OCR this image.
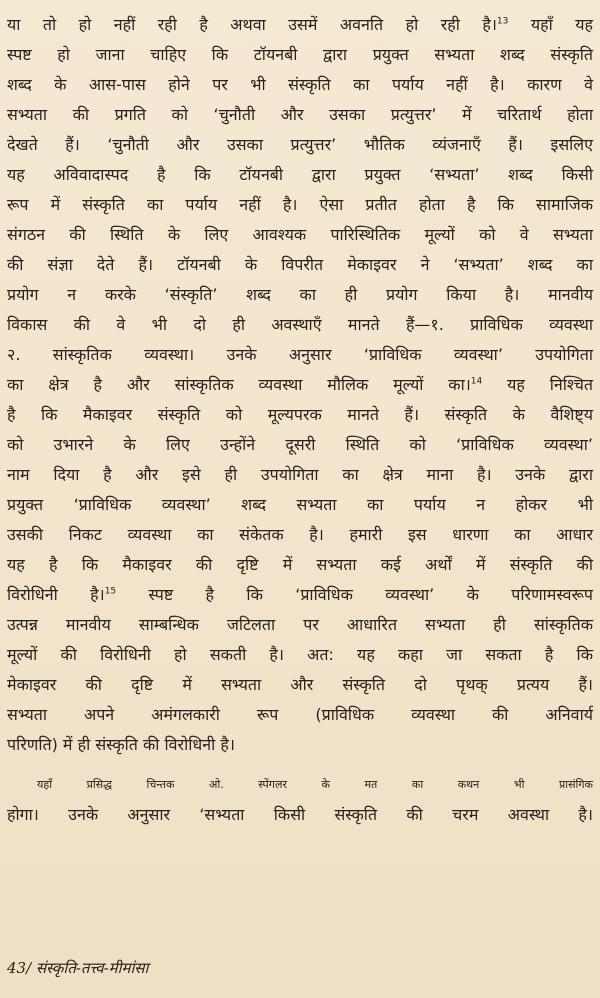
या तो हो नहीं रही है अथवा उसमें अवनति हो रही है।$^{13}$ यहाँ यह
स्पष्ट हो जाना चाहिए कि टॉयनबी द्वारा प्रयुक्त सभ्यता शब्द संस्कृति
शब्द के आस-पास होने पर भी संस्कृति का पर्याय नहीं है। कारण वे
सभ्यता की प्रगति को ‘चुनौती और उसका प्रत्युत्तर’ में चरितार्थ होता
देखते हैं। ‘चुनौती और उसका प्रत्युत्तर’ भौतिक व्यंजनाएँ हैं। इसलिए
यह अविवादास्पद है कि टॉयनबी द्वारा प्रयुक्त ‘सभ्यता’ शब्द किसी
रूप में संस्कृति का पर्याय नहीं है। ऐसा प्रतीत होता है कि सामाजिक
संगठन की स्थिति के लिए आवश्यक पारिस्थितिक मूल्यों को वे सभ्यता
की संज्ञा देते हैं। टॉयनबी के विपरीत मेकाइवर ने ‘सभ्यता’ शब्द का
प्रयोग न करके ‘संस्कृति’ शब्द का ही प्रयोग किया है। मानवीय
विकास की वे भी दो ही अवस्थाएँ मानते हैं—१. प्राविधिक व्यवस्था
२. सांस्कृतिक व्यवस्था। उनके अनुसार ‘प्राविधिक व्यवस्था’ उपयोगिता
का क्षेत्र है और सांस्कृतिक व्यवस्था मौलिक मूल्यों का।$^{14}$ यह निश्चित
है कि मैकाइवर संस्कृति को मूल्यपरक मानते हैं। संस्कृति के वैशिष्ट्य
को उभारने के लिए उन्होंने दूसरी स्थिति को ‘प्राविधिक व्यवस्था’
नाम दिया है और इसे ही उपयोगिता का क्षेत्र माना है। उनके द्वारा
प्रयुक्त ‘प्राविधिक व्यवस्था’ शब्द सभ्यता का पर्याय न होकर भी
उसकी निकट व्यवस्था का संकेतक है। हमारी इस धारणा का आधार
यह है कि मैकाइवर की दृष्टि में सभ्यता कई अर्थों में संस्कृति की
विरोधिनी है।$^{15}$ स्पष्ट है कि ‘प्राविधिक व्यवस्था’ के परिणामस्वरूप
उत्पन्न मानवीय साम्बन्धिक जटिलता पर आधारित सभ्यता ही सांस्कृतिक
मूल्यों की विरोधिनी हो सकती है। अत: यह कहा जा सकता है कि
मेकाइवर की दृष्टि में सभ्यता और संस्कृति दो पृथक् प्रत्यय हैं।
सभ्यता अपने अमंगलकारी रूप (प्राविधिक व्यवस्था की अनिवार्य
परिणति) में ही संस्कृति की विरोधिनी है।
यहाँ प्रसिद्ध चिन्तक ओ. स्पेंगलर के मत का कथन भी प्रासंगिक
होगा। उनके अनुसार ‘सभ्यता किसी संस्कृति की चरम अवस्था है।
43/ संस्कृति-तत्त्व-मीमांसा
